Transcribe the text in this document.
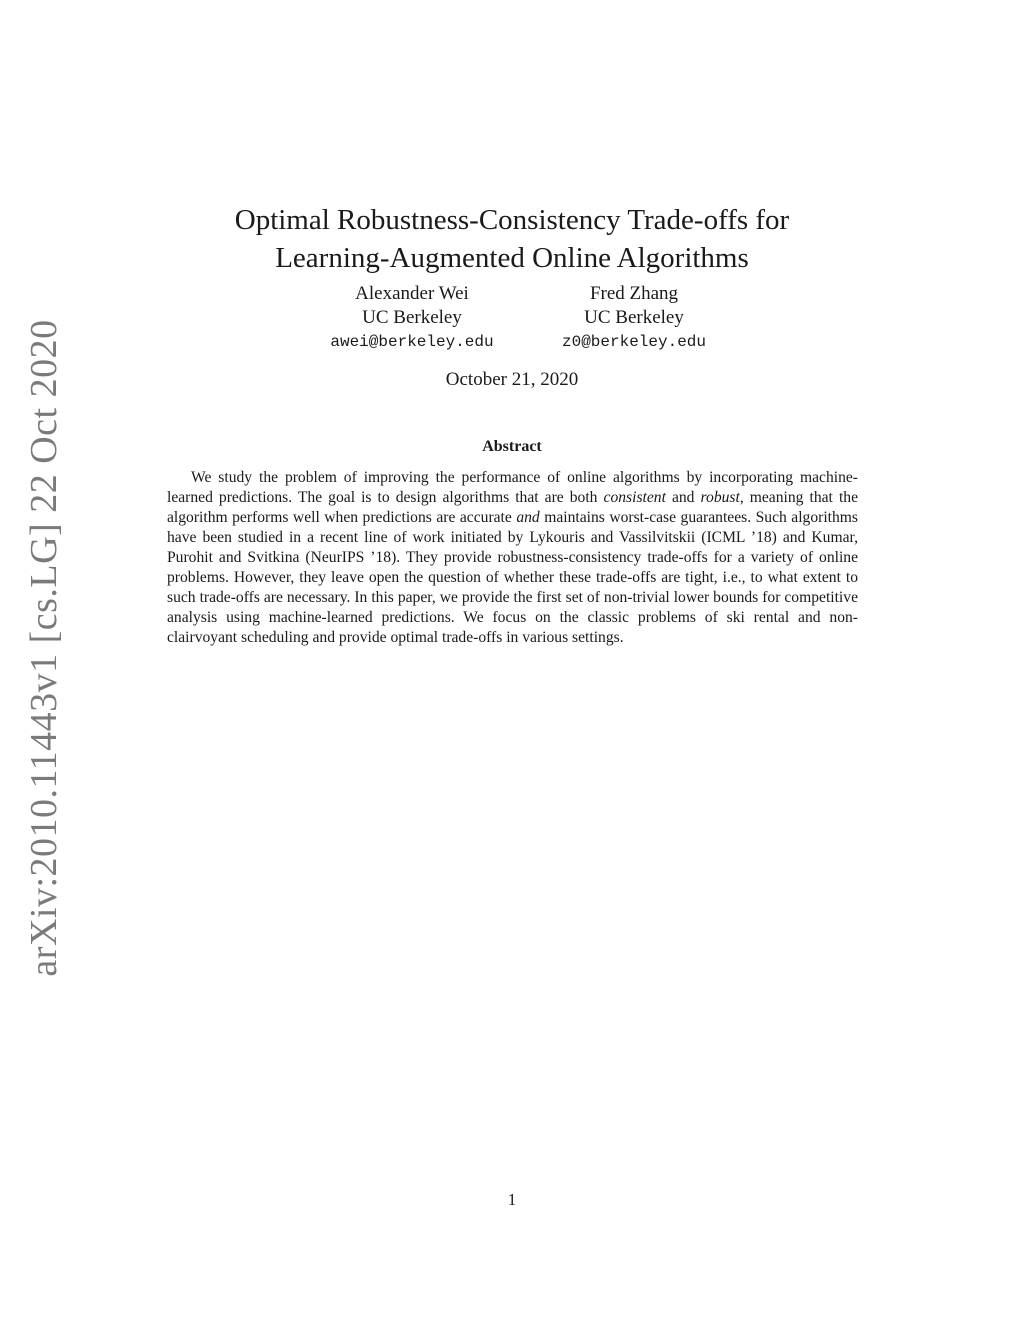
arXiv:2010.11443v1 [cs.LG] 22 Oct 2020
Optimal Robustness-Consistency Trade-offs for
Learning-Augmented Online Algorithms
Alexander Wei
UC Berkeley
awei@berkeley.edu
Fred Zhang
UC Berkeley
z0@berkeley.edu
October 21, 2020
Abstract

We study the problem of improving the performance of online algorithms by incorporating machine-learned predictions. The goal is to design algorithms that are both consistent and robust, meaning that the algorithm performs well when predictions are accurate and maintains worst-case guarantees. Such algorithms have been studied in a recent line of work initiated by Lykouris and Vassilvitskii (ICML ’18) and Kumar, Purohit and Svitkina (NeurIPS ’18). They provide robustness-consistency trade-offs for a variety of online problems. However, they leave open the question of whether these trade-offs are tight, i.e., to what extent to such trade-offs are necessary. In this paper, we provide the first set of non-trivial lower bounds for competitive analysis using machine-learned predictions. We focus on the classic problems of ski rental and non-clairvoyant scheduling and provide optimal trade-offs in various settings.

1
